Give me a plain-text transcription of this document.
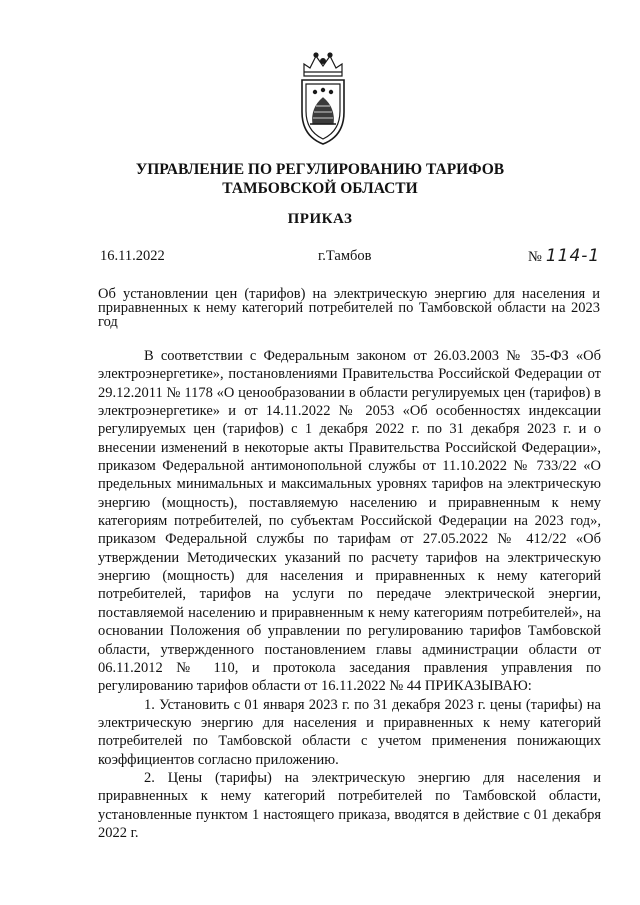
УПРАВЛЕНИЕ ПО РЕГУЛИРОВАНИЮ ТАРИФОВ
ТАМБОВСКОЙ ОБЛАСТИ
ПРИКАЗ
16.11.2022	г.Тамбов	№ 114-1
Об установлении цен (тарифов) на электрическую энергию для населения и приравненных к нему категорий потребителей по Тамбовской области на 2023 год

В соответствии с Федеральным законом от 26.03.2003 № 35-ФЗ «Об электроэнергетике», постановлениями Правительства Российской Федерации от 29.12.2011 № 1178 «О ценообразовании в области регулируемых цен (тарифов) в электроэнергетике» и от 14.11.2022 № 2053 «Об особенностях индексации регулируемых цен (тарифов) с 1 декабря 2022 г. по 31 декабря 2023 г. и о внесении изменений в некоторые акты Правительства Российской Федерации», приказом Федеральной антимонопольной службы от 11.10.2022 № 733/22 «О предельных минимальных и максимальных уровнях тарифов на электрическую энергию (мощность), поставляемую населению и приравненным к нему категориям потребителей, по субъектам Российской Федерации на 2023 год», приказом Федеральной службы по тарифам от 27.05.2022 № 412/22 «Об утверждении Методических указаний по расчету тарифов на электрическую энергию (мощность) для населения и приравненных к нему категорий потребителей, тарифов на услуги по передаче электрической энергии, поставляемой населению и приравненным к нему категориям потребителей», на основании Положения об управлении по регулированию тарифов Тамбовской области, утвержденного постановлением главы администрации области от 06.11.2012 № 110, и протокола заседания правления управления по регулированию тарифов области от 16.11.2022 № 44 ПРИКАЗЫВАЮ:

1. Установить с 01 января 2023 г. по 31 декабря 2023 г. цены (тарифы) на электрическую энергию для населения и приравненных к нему категорий потребителей по Тамбовской области с учетом применения понижающих коэффициентов согласно приложению.

2. Цены (тарифы) на электрическую энергию для населения и приравненных к нему категорий потребителей по Тамбовской области, установленные пунктом 1 настоящего приказа, вводятся в действие с 01 декабря 2022 г.
